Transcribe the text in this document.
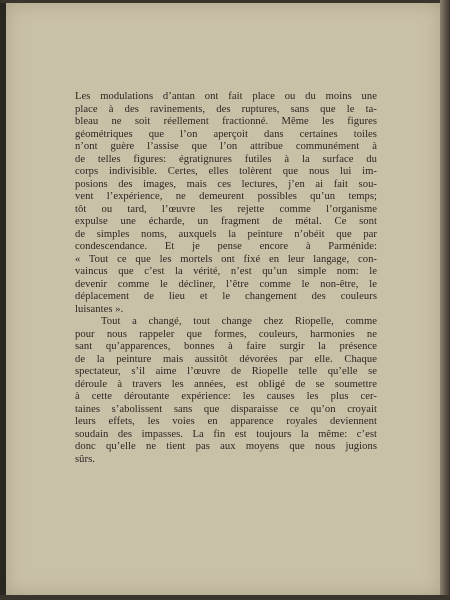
Les modulations d’antan ont fait place ou du moins une
place à des ravinements, des ruptures, sans que le ta-
bleau ne soit réellement fractionné. Même les figures
géométriques que l’on aperçoit dans certaines toiles
n’ont guère l’assise que l’on attribue communément à
de telles figures: égratignures futiles à la surface du
corps indivisible. Certes, elles tolèrent que nous lui im-
posions des images, mais ces lectures, j’en ai fait sou-
vent l’expérience, ne demeurent possibles qu’un temps;
tôt ou tard, l’œuvre les rejette comme l’organisme
expulse une écharde, un fragment de métal. Ce sont
de simples noms, auxquels la peinture n’obéit que par
condescendance. Et je pense encore à Parménide:
« Tout ce que les mortels ont fixé en leur langage, con-
vaincus que c’est la vérité, n’est qu’un simple nom: le
devenir comme le décliner, l’être comme le non-être, le
déplacement de lieu et le changement des couleurs
luisantes ».

Tout a changé, tout change chez Riopelle, comme
pour nous rappeler que formes, couleurs, harmonies ne
sant qu’apparences, bonnes à faire surgir la présence
de la peinture mais aussitôt dévorées par elle. Chaque
spectateur, s’il aime l’œuvre de Riopelle telle qu’elle se
déroule à travers les années, est obligé de se soumettre
à cette déroutante expérience: les causes les plus cer-
taines s’abolissent sans que disparaisse ce qu’on croyait
leurs effets, les voies en apparence royales deviennent
soudain des impasses. La fin est toujours la même: c’est
donc qu’elle ne tient pas aux moyens que nous jugions
sûrs.
